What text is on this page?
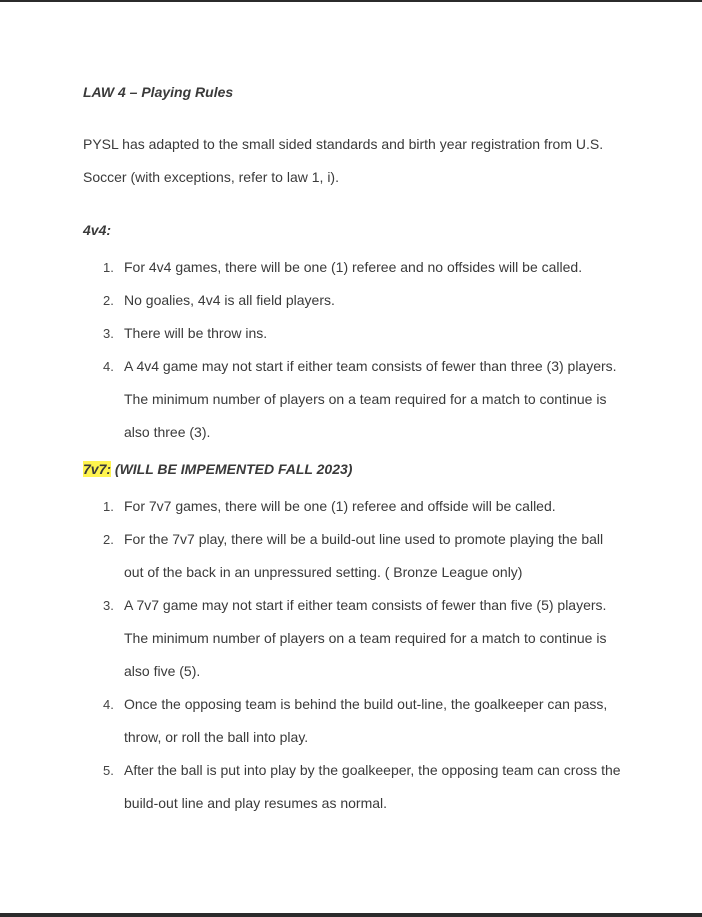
LAW 4 – Playing Rules
PYSL has adapted to the small sided standards and birth year registration from U.S. Soccer (with exceptions, refer to law 1, i).
4v4:
1. For 4v4 games, there will be one (1) referee and no offsides will be called.
2. No goalies, 4v4 is all field players.
3. There will be throw ins.
4. A 4v4 game may not start if either team consists of fewer than three (3) players. The minimum number of players on a team required for a match to continue is also three (3).
7v7: (WILL BE IMPEMENTED FALL 2023)
1. For 7v7 games, there will be one (1) referee and offside will be called.
2. For the 7v7 play, there will be a build-out line used to promote playing the ball out of the back in an unpressured setting. ( Bronze League only)
3. A 7v7 game may not start if either team consists of fewer than five (5) players. The minimum number of players on a team required for a match to continue is also five (5).
4. Once the opposing team is behind the build out-line, the goalkeeper can pass, throw, or roll the ball into play.
5. After the ball is put into play by the goalkeeper, the opposing team can cross the build-out line and play resumes as normal.
